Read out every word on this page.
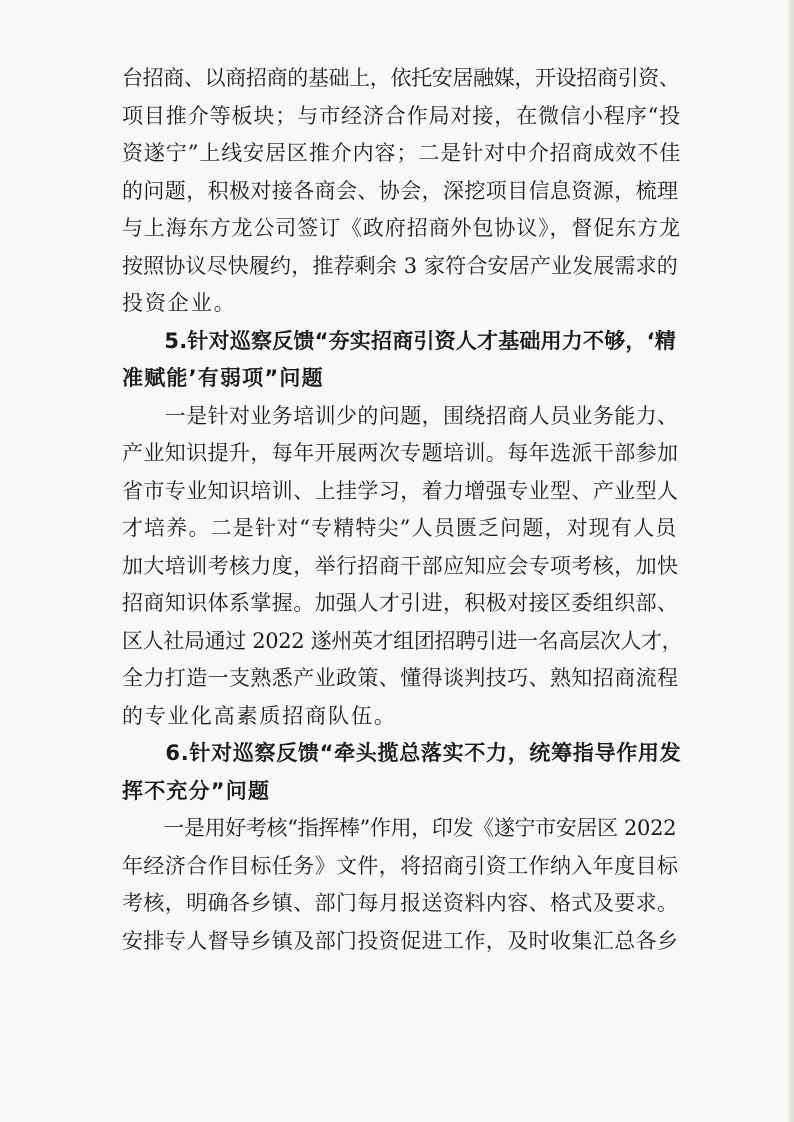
台招商、以商招商的基础上，依托安居融媒，开设招商引资、
项目推介等板块；与市经济合作局对接，在微信小程序“投
资遂宁”上线安居区推介内容；二是针对中介招商成效不佳
的问题，积极对接各商会、协会，深挖项目信息资源，梳理
与上海东方龙公司签订《政府招商外包协议》，督促东方龙
按照协议尽快履约，推荐剩余 3 家符合安居产业发展需求的
投资企业。

　　5.针对巡察反馈“夯实招商引资人才基础用力不够，‘精
准赋能’有弱项”问题

　　一是针对业务培训少的问题，围绕招商人员业务能力、
产业知识提升，每年开展两次专题培训。每年选派干部参加
省市专业知识培训、上挂学习，着力增强专业型、产业型人
才培养。二是针对“专精特尖”人员匮乏问题，对现有人员
加大培训考核力度，举行招商干部应知应会专项考核，加快
招商知识体系掌握。加强人才引进，积极对接区委组织部、
区人社局通过 2022 遂州英才组团招聘引进一名高层次人才，
全力打造一支熟悉产业政策、懂得谈判技巧、熟知招商流程
的专业化高素质招商队伍。

　　6.针对巡察反馈“牵头揽总落实不力，统筹指导作用发
挥不充分”问题

　　一是用好考核“指挥棒”作用，印发《遂宁市安居区 2022
年经济合作目标任务》文件，将招商引资工作纳入年度目标
考核，明确各乡镇、部门每月报送资料内容、格式及要求。
安排专人督导乡镇及部门投资促进工作，及时收集汇总各乡
